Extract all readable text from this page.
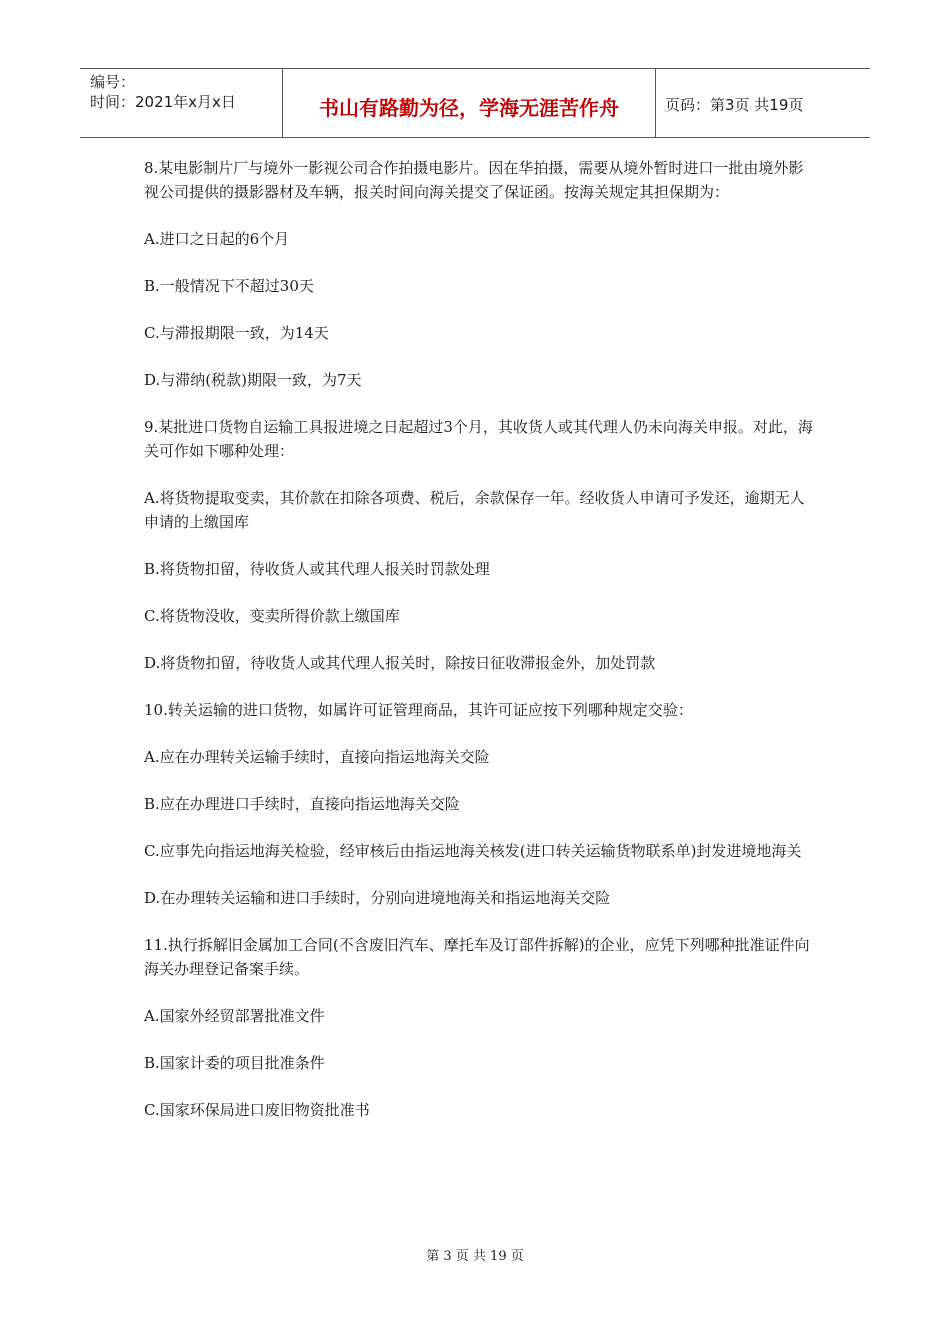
编号：
时间：2021年x月x日	书山有路勤为径，学海无涯苦作舟	页码：第3页 共19页

8.某电影制片厂与境外一影视公司合作拍摄电影片。因在华拍摄，需要从境外暂时进口一批由境外影视公司提供的摄影器材及车辆，报关时间向海关提交了保证函。按海关规定其担保期为：

A.进口之日起的6个月

B.一般情况下不超过30天

C.与滞报期限一致，为14天

D.与滞纳(税款)期限一致，为7天

9.某批进口货物自运输工具报进境之日起超过3个月，其收货人或其代理人仍未向海关申报。对此，海关可作如下哪种处理：

A.将货物提取变卖，其价款在扣除各项费、税后，余款保存一年。经收货人申请可予发还，逾期无人申请的上缴国库

B.将货物扣留，待收货人或其代理人报关时罚款处理

C.将货物没收，变卖所得价款上缴国库

D.将货物扣留，待收货人或其代理人报关时，除按日征收滞报金外，加处罚款

10.转关运输的进口货物，如属许可证管理商品，其许可证应按下列哪种规定交验：

A.应在办理转关运输手续时，直接向指运地海关交险

B.应在办理进口手续时，直接向指运地海关交险

C.应事先向指运地海关检验，经审核后由指运地海关核发(进口转关运输货物联系单)封发进境地海关

D.在办理转关运输和进口手续时，分别向进境地海关和指运地海关交险

11.执行拆解旧金属加工合同(不含废旧汽车、摩托车及订部件拆解)的企业，应凭下列哪种批准证件向海关办理登记备案手续。

A.国家外经贸部署批准文件

B.国家计委的项目批准条件

C.国家环保局进口废旧物资批准书

第 3 页 共 19 页
